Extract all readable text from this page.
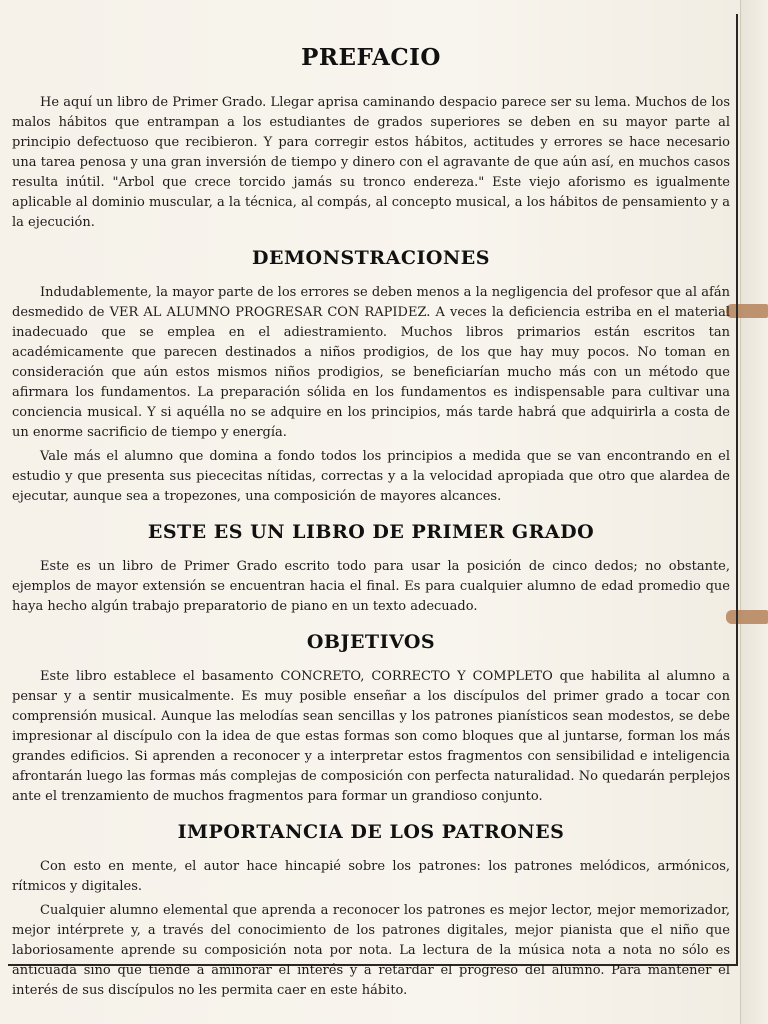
PREFACIO

He aquí un libro de Primer Grado. Llegar aprisa caminando despacio parece ser su lema. Muchos de los malos hábitos que entrampan a los estudiantes de grados superiores se deben en su mayor parte al principio defectuoso que recibieron. Y para corregir estos hábitos, actitudes y errores se hace necesario una tarea penosa y una gran inversión de tiempo y dinero con el agravante de que aún así, en muchos casos resulta inútil. "Arbol que crece torcido jamás su tronco endereza." Este viejo aforismo es igualmente aplicable al dominio muscular, a la técnica, al compás, al concepto musical, a los hábitos de pensamiento y a la ejecución.

DEMONSTRACIONES

Indudablemente, la mayor parte de los errores se deben menos a la negligencia del profesor que al afán desmedido de VER AL ALUMNO PROGRESAR CON RAPIDEZ. A veces la deficiencia estriba en el material inadecuado que se emplea en el adiestramiento. Muchos libros primarios están escritos tan académicamente que parecen destinados a niños prodigios, de los que hay muy pocos. No toman en consideración que aún estos mismos niños prodigios, se beneficiarían mucho más con un método que afirmara los fundamentos. La preparación sólida en los fundamentos es indispensable para cultivar una conciencia musical. Y si aquélla no se adquire en los principios, más tarde habrá que adquirirla a costa de un enorme sacrificio de tiempo y energía.

Vale más el alumno que domina a fondo todos los principios a medida que se van encontrando en el estudio y que presenta sus piececitas nítidas, correctas y a la velocidad apropiada que otro que alardea de ejecutar, aunque sea a tropezones, una composición de mayores alcances.

ESTE ES UN LIBRO DE PRIMER GRADO

Este es un libro de Primer Grado escrito todo para usar la posición de cinco dedos; no obstante, ejemplos de mayor extensión se encuentran hacia el final. Es para cualquier alumno de edad promedio que haya hecho algún trabajo preparatorio de piano en un texto adecuado.

OBJETIVOS

Este libro establece el basamento CONCRETO, CORRECTO Y COMPLETO que habilita al alumno a pensar y a sentir musicalmente. Es muy posible enseñar a los discípulos del primer grado a tocar con comprensión musical. Aunque las melodías sean sencillas y los patrones pianísticos sean modestos, se debe impresionar al discípulo con la idea de que estas formas son como bloques que al juntarse, forman los más grandes edificios. Si aprenden a reconocer y a interpretar estos fragmentos con sensibilidad e inteligencia afrontarán luego las formas más complejas de composición con perfecta naturalidad. No quedarán perplejos ante el trenzamiento de muchos fragmentos para formar un grandioso conjunto.

IMPORTANCIA DE LOS PATRONES

Con esto en mente, el autor hace hincapié sobre los patrones: los patrones melódicos, armónicos, rítmicos y digitales.

Cualquier alumno elemental que aprenda a reconocer los patrones es mejor lector, mejor memorizador, mejor intérprete y, a través del conocimiento de los patrones digitales, mejor pianista que el niño que laboriosamente aprende su composición nota por nota. La lectura de la música nota a nota no sólo es anticuada sino que tiende a aminorar el interés y a retardar el progreso del alumno. Para mantener el interés de sus discípulos no les permita caer en este hábito.
